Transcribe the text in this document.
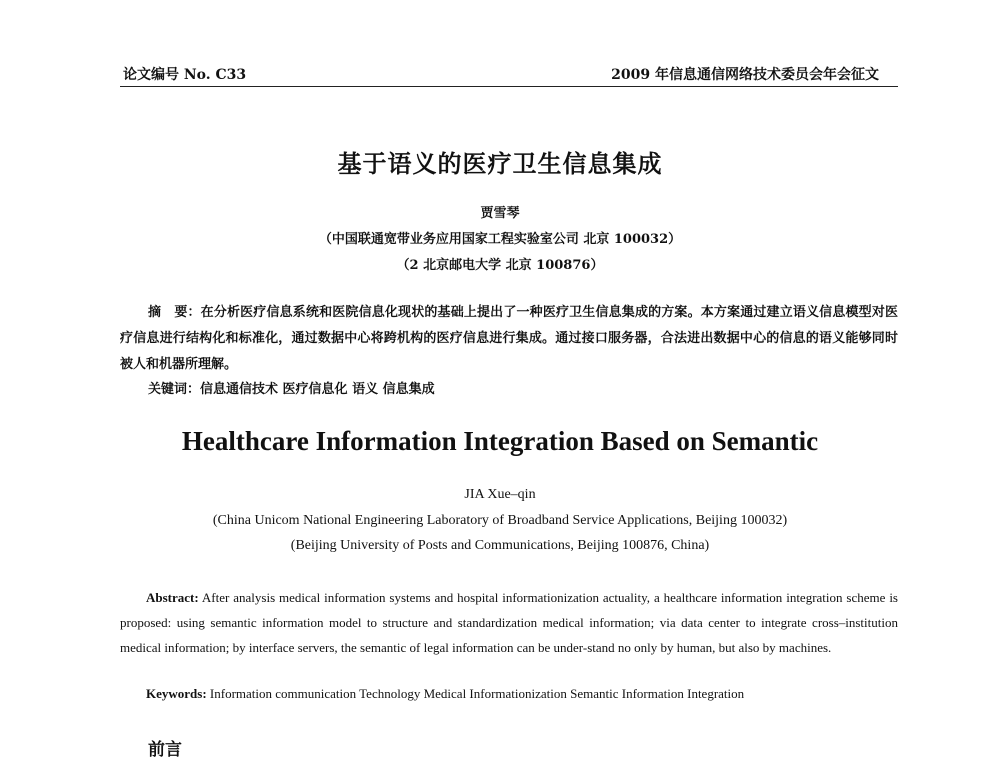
论文编号 No. C33	2009 年信息通信网络技术委员会年会征文
基于语义的医疗卫生信息集成
贾雪琴
（中国联通宽带业务应用国家工程实验室公司 北京 100032）
（2 北京邮电大学 北京 100876）
摘　要：在分析医疗信息系统和医院信息化现状的基础上提出了一种医疗卫生信息集成的方案。本方案通过建立语义信息模型对医疗信息进行结构化和标准化，通过数据中心将跨机构的医疗信息进行集成。通过接口服务器，合法进出数据中心的信息的语义能够同时被人和机器所理解。
关键词：信息通信技术 医疗信息化 语义 信息集成
Healthcare Information Integration Based on Semantic
JIA Xue–qin
(China Unicom National Engineering Laboratory of Broadband Service Applications, Beijing 100032)
(Beijing University of Posts and Communications, Beijing 100876, China)
Abstract: After analysis medical information systems and hospital informationization actuality, a healthcare information integration scheme is proposed: using semantic information model to structure and standardization medical information; via data center to integrate cross–institution medical information; by interface servers, the semantic of legal information can be under-stand no only by human, but also by machines.
Keywords: Information communication Technology Medical Informationization Semantic Information Integration
前言
